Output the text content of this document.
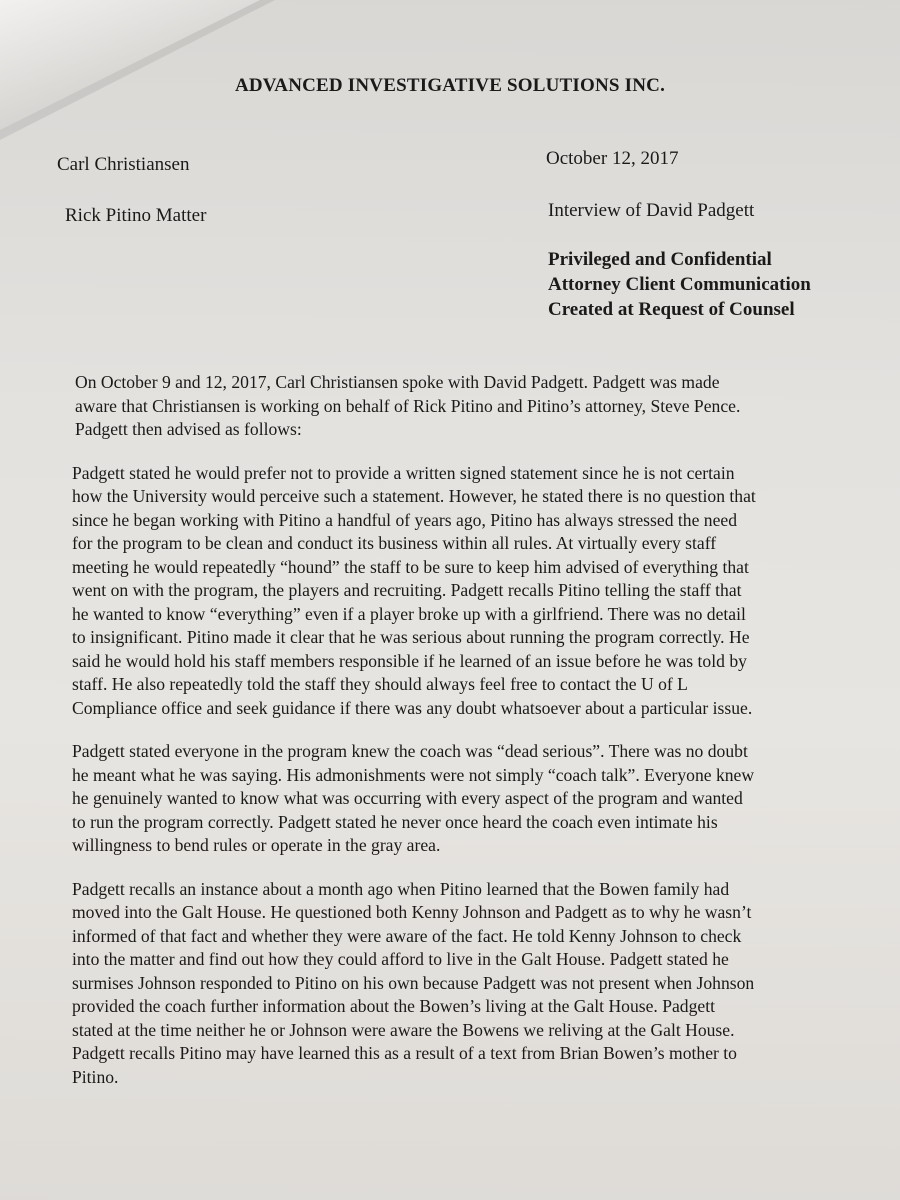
ADVANCED INVESTIGATIVE SOLUTIONS INC.
Carl Christiansen
Rick Pitino Matter
October 12, 2017
Interview of David Padgett
Privileged and Confidential
Attorney Client Communication
Created at Request of Counsel
On October 9 and 12, 2017, Carl Christiansen spoke with David Padgett. Padgett was made
aware that Christiansen is working on behalf of Rick Pitino and Pitino’s attorney, Steve Pence.
Padgett then advised as follows:
Padgett stated he would prefer not to provide a written signed statement since he is not certain
how the University would perceive such a statement. However, he stated there is no question that
since he began working with Pitino a handful of years ago, Pitino has always stressed the need
for the program to be clean and conduct its business within all rules. At virtually every staff
meeting he would repeatedly “hound” the staff to be sure to keep him advised of everything that
went on with the program, the players and recruiting. Padgett recalls Pitino telling the staff that
he wanted to know “everything” even if a player broke up with a girlfriend. There was no detail
to insignificant. Pitino made it clear that he was serious about running the program correctly. He
said he would hold his staff members responsible if he learned of an issue before he was told by
staff. He also repeatedly told the staff they should always feel free to contact the U of L
Compliance office and seek guidance if there was any doubt whatsoever about a particular issue.
Padgett stated everyone in the program knew the coach was “dead serious”. There was no doubt
he meant what he was saying. His admonishments were not simply “coach talk”. Everyone knew
he genuinely wanted to know what was occurring with every aspect of the program and wanted
to run the program correctly. Padgett stated he never once heard the coach even intimate his
willingness to bend rules or operate in the gray area.
Padgett recalls an instance about a month ago when Pitino learned that the Bowen family had
moved into the Galt House. He questioned both Kenny Johnson and Padgett as to why he wasn’t
informed of that fact and whether they were aware of the fact. He told Kenny Johnson to check
into the matter and find out how they could afford to live in the Galt House. Padgett stated he
surmises Johnson responded to Pitino on his own because Padgett was not present when Johnson
provided the coach further information about the Bowen’s living at the Galt House. Padgett
stated at the time neither he or Johnson were aware the Bowens we reliving at the Galt House.
Padgett recalls Pitino may have learned this as a result of a text from Brian Bowen’s mother to
Pitino.
